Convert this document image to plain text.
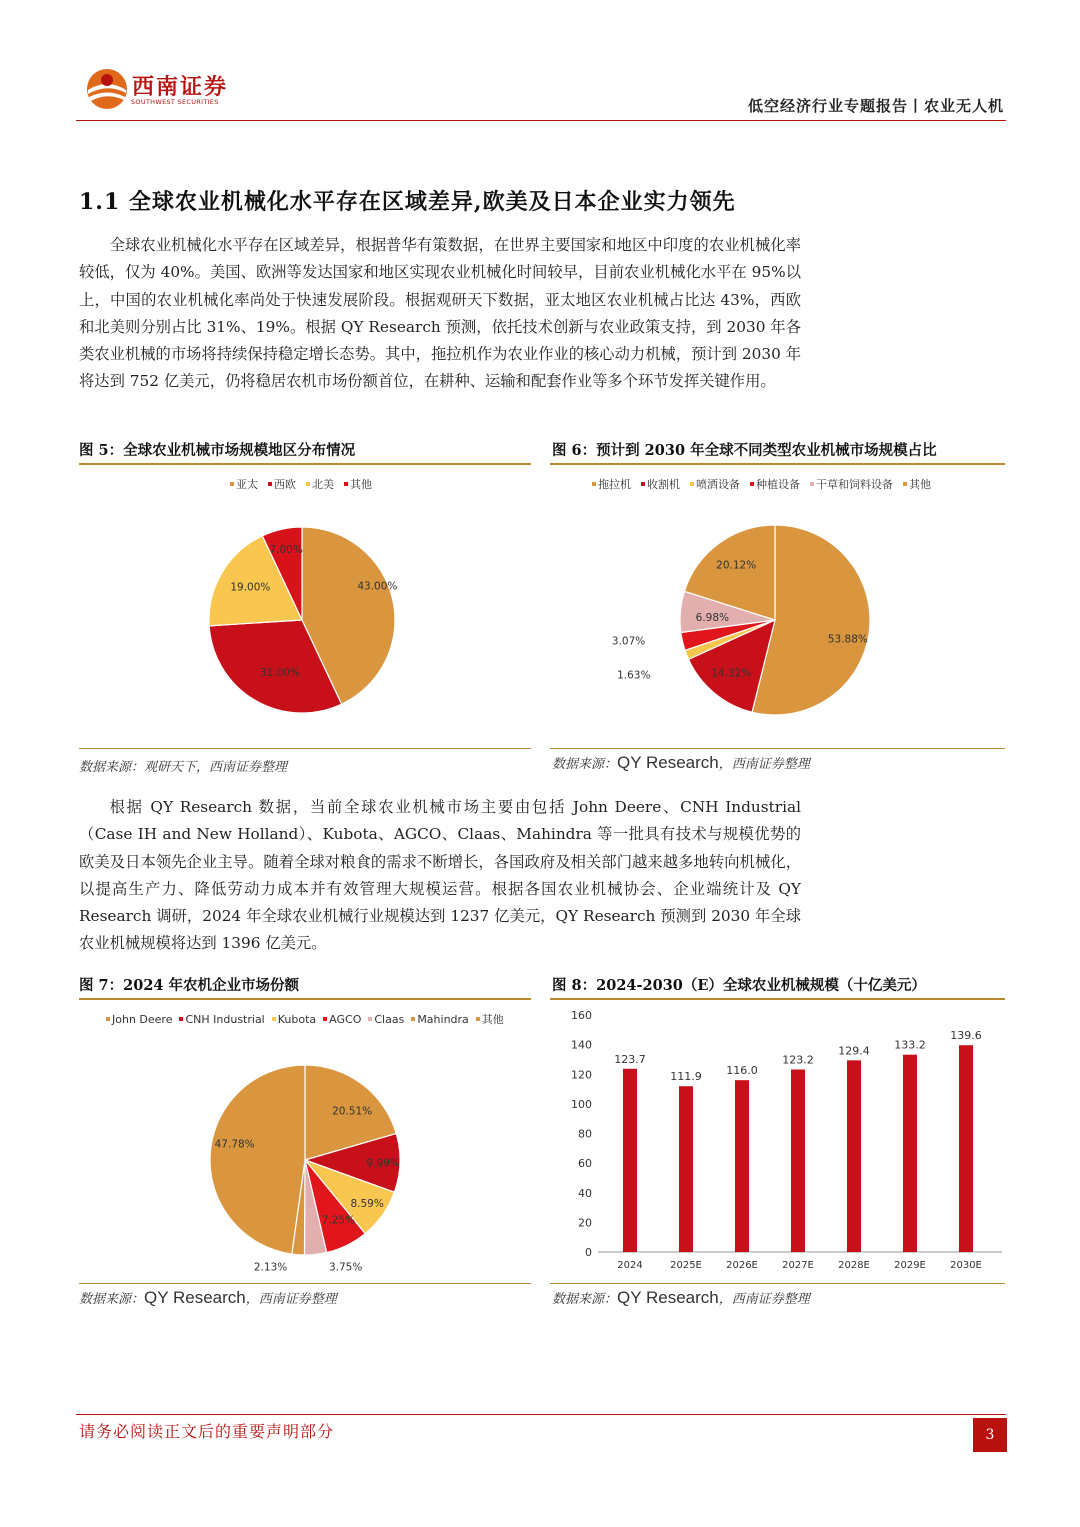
西南证券
SOUTHWEST SECURITIES	低空经济行业专题报告丨农业无人机
1.1 全球农业机械化水平存在区域差异,欧美及日本企业实力领先

全球农业机械化水平存在区域差异，根据普华有策数据，在世界主要国家和地区中印度的农业机械化率较低，仅为 40%。美国、欧洲等发达国家和地区实现农业机械化时间较早，目前农业机械化水平在 95%以上，中国的农业机械化率尚处于快速发展阶段。根据观研天下数据，亚太地区农业机械占比达 43%，西欧和北美则分别占比 31%、19%。根据 QY Research 预测，依托技术创新与农业政策支持，到 2030 年各类农业机械的市场将持续保持稳定增长态势。其中，拖拉机作为农业作业的核心动力机械，预计到 2030 年将达到 752 亿美元，仍将稳居农机市场份额首位，在耕种、运输和配套作业等多个环节发挥关键作用。

图 5：全球农业机械市场规模地区分布情况
亚太 西欧 北美 其他
43.00%
31.00%
19.00%
7.00%
数据来源：观研天下，西南证券整理
图 6：预计到 2030 年全球不同类型农业机械市场规模占比
拖拉机 收割机 喷洒设备 种植设备 干草和饲料设备 其他
53.88%
14.32%
1.63%
3.07%
6.98%
20.12%
数据来源：QY Research，西南证券整理

根据 QY Research 数据，当前全球农业机械市场主要由包括 John Deere、CNH Industrial（Case IH and New Holland）、Kubota、AGCO、Claas、Mahindra 等一批具有技术与规模优势的欧美及日本领先企业主导。随着全球对粮食的需求不断增长，各国政府及相关部门越来越多地转向机械化，以提高生产力、降低劳动力成本并有效管理大规模运营。根据各国农业机械协会、企业端统计及 QY Research 调研，2024 年全球农业机械行业规模达到 1237 亿美元，QY Research 预测到 2030 年全球农业机械规模将达到 1396 亿美元。

图 7：2024 年农机企业市场份额
John Deere CNH Industrial Kubota AGCO Claas Mahindra 其他
20.51%
9.99%
8.59%
7.25%
3.75%
2.13%
47.78%
数据来源：QY Research，西南证券整理
图 8：2024-2030（E）全球农业机械规模（十亿美元）
0
20
40
60
80
100
120
140
160
123.7
2024
111.9
2025E
116.0
2026E
123.2
2027E
129.4
2028E
133.2
2029E
139.6
2030E
数据来源：QY Research，西南证券整理
请务必阅读正文后的重要声明部分	3
